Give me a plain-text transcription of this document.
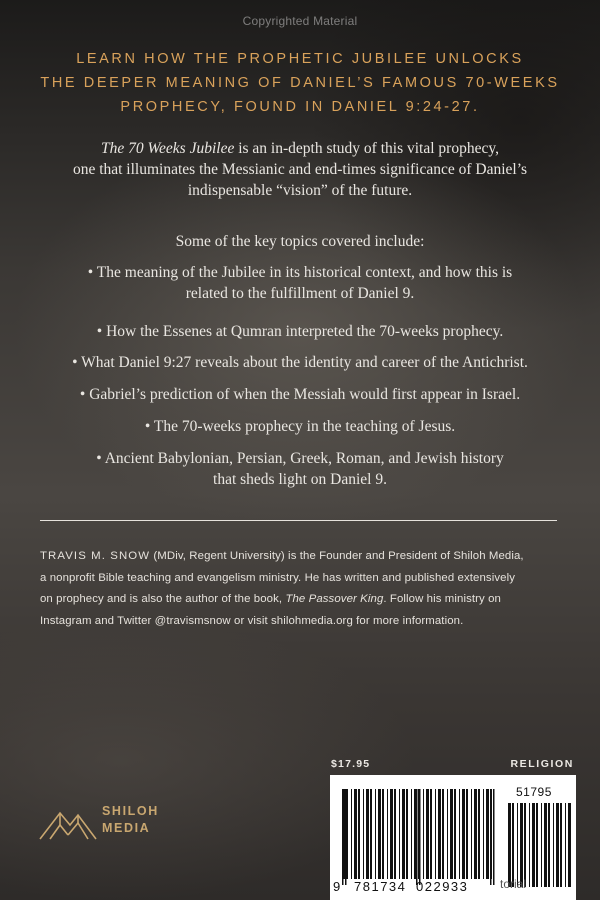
Copyrighted Material
LEARN HOW THE PROPHETIC JUBILEE UNLOCKS
THE DEEPER MEANING OF DANIEL’S FAMOUS 70-WEEKS
PROPHECY, FOUND IN DANIEL 9:24-27.
The 70 Weeks Jubilee is an in-depth study of this vital prophecy,
one that illuminates the Messianic and end-times significance of Daniel’s
indispensable “vision” of the future.
Some of the key topics covered include:
• The meaning of the Jubilee in its historical context, and how this is
related to the fulfillment of Daniel 9.
• How the Essenes at Qumran interpreted the 70-weeks prophecy.
• What Daniel 9:27 reveals about the identity and career of the Antichrist.
• Gabriel’s prediction of when the Messiah would first appear in Israel.
• The 70-weeks prophecy in the teaching of Jesus.
• Ancient Babylonian, Persian, Greek, Roman, and Jewish history
that sheds light on Daniel 9.
TRAVIS M. SNOW (MDiv, Regent University) is the Founder and President of Shiloh Media,
a nonprofit Bible teaching and evangelism ministry. He has written and published extensively
on prophecy and is also the author of the book, The Passover King. Follow his ministry on
Instagram and Twitter @travismsnow or visit shilohmedia.org for more information.
SHILOH
MEDIA
$17.95	RELIGION
9 781734 022933	torial
51795
